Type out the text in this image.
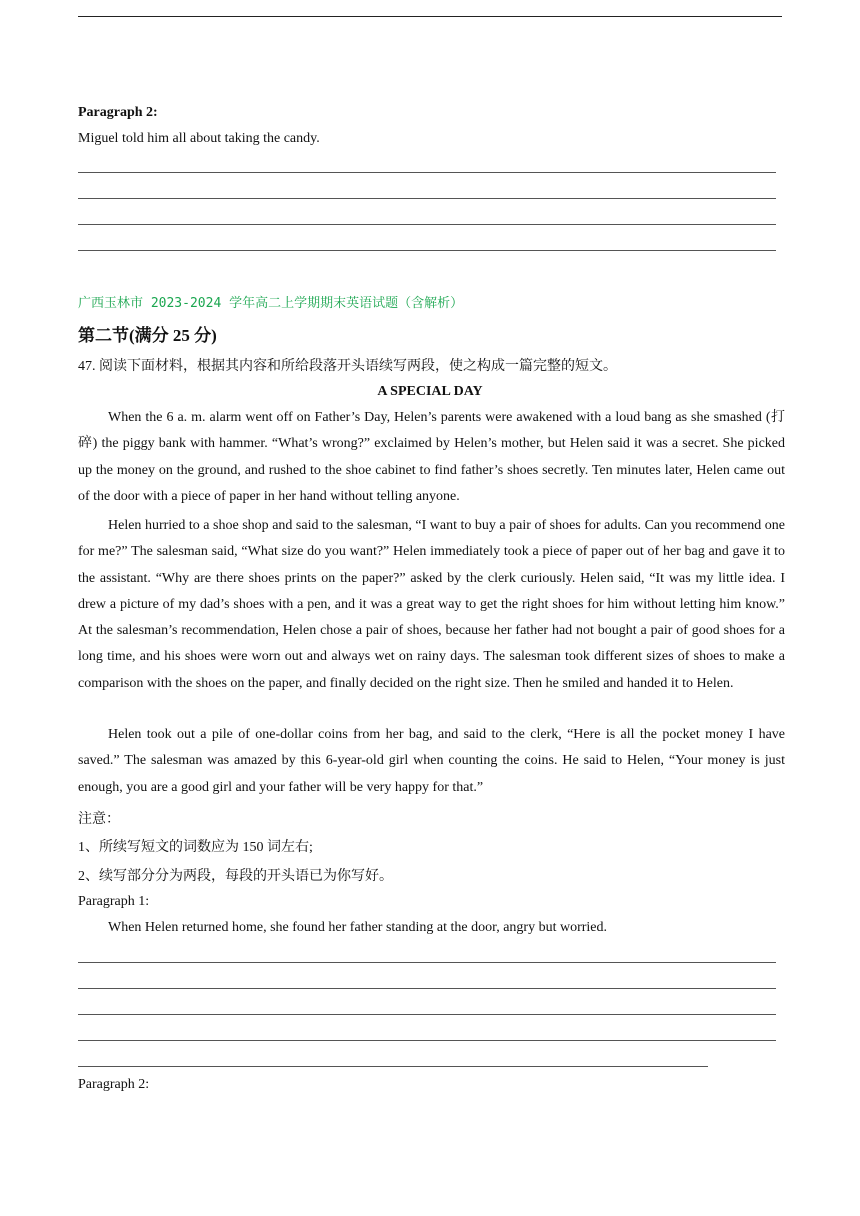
Paragraph 2:
Miguel told him all about taking the candy.
广西玉林市 2023-2024 学年高二上学期期末英语试题（含解析）
第二节(满分 25 分)
47. 阅读下面材料，根据其内容和所给段落开头语续写两段，使之构成一篇完整的短文。
A SPECIAL DAY
When the 6 a. m. alarm went off on Father’s Day, Helen’s parents were awakened with a loud bang as she smashed (打碎) the piggy bank with hammer. “What’s wrong?” exclaimed by Helen’s mother, but Helen said it was a secret. She picked up the money on the ground, and rushed to the shoe cabinet to find father’s shoes secretly. Ten minutes later, Helen came out of the door with a piece of paper in her hand without telling anyone.
Helen hurried to a shoe shop and said to the salesman, “I want to buy a pair of shoes for adults. Can you recommend one for me?” The salesman said, “What size do you want?” Helen immediately took a piece of paper out of her bag and gave it to the assistant. “Why are there shoes prints on the paper?” asked by the clerk curiously. Helen said, “It was my little idea. I drew a picture of my dad’s shoes with a pen, and it was a great way to get the right shoes for him without letting him know.” At the salesman’s recommendation, Helen chose a pair of shoes, because her father had not bought a pair of good shoes for a long time, and his shoes were worn out and always wet on rainy days. The salesman took different sizes of shoes to make a comparison with the shoes on the paper, and finally decided on the right size. Then he smiled and handed it to Helen.
Helen took out a pile of one-dollar coins from her bag, and said to the clerk, “Here is all the pocket money I have saved.” The salesman was amazed by this 6-year-old girl when counting the coins. He said to Helen, “Your money is just enough, you are a good girl and your father will be very happy for that.”
注意：
1、所续写短文的词数应为 150 词左右;
2、续写部分分为两段，每段的开头语已为你写好。
Paragraph 1:
When Helen returned home, she found her father standing at the door, angry but worried.
Paragraph 2:
